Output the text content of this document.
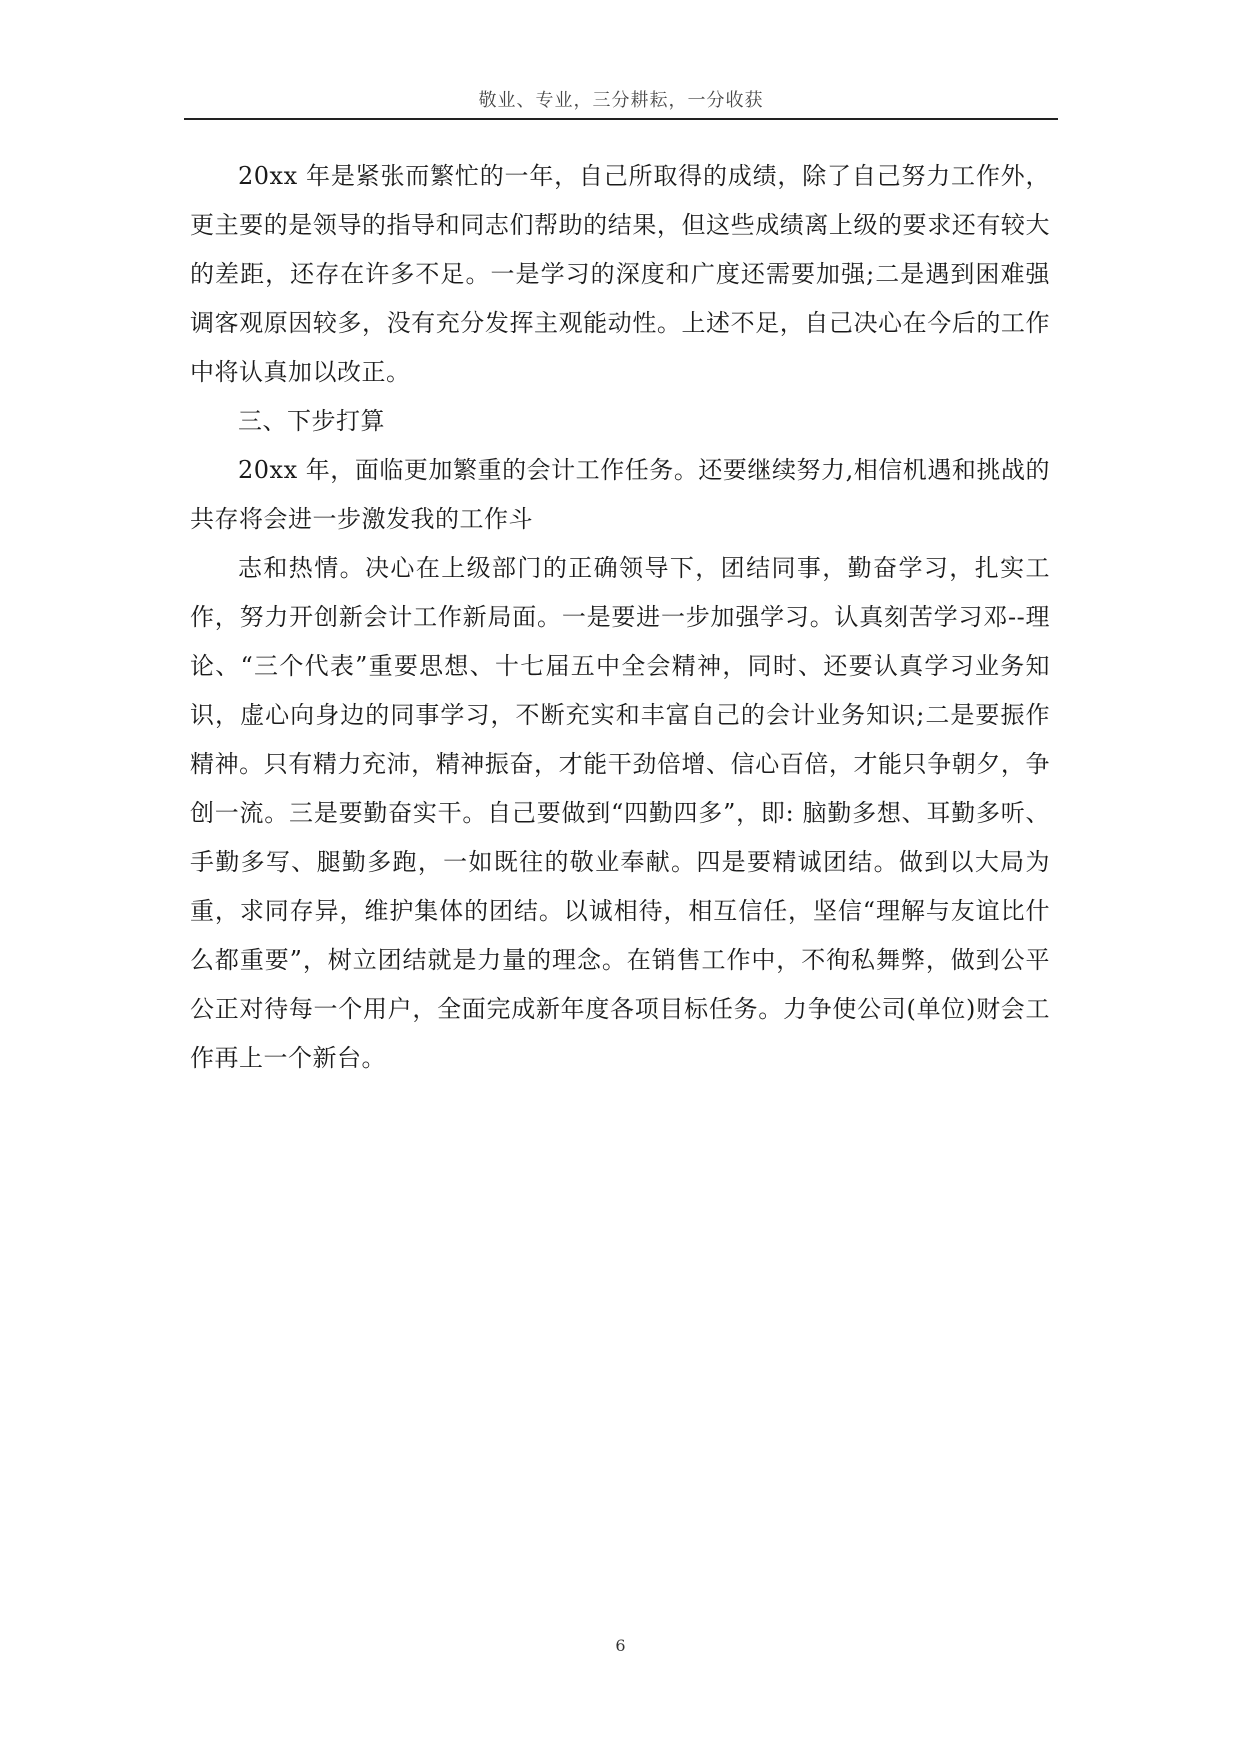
敬业、专业，三分耕耘，一分收获

20xx 年是紧张而繁忙的一年，自己所取得的成绩，除了自己努力工作外，更主要的是领导的指导和同志们帮助的结果，但这些成绩离上级的要求还有较大的差距，还存在许多不足。一是学习的深度和广度还需要加强;二是遇到困难强调客观原因较多，没有充分发挥主观能动性。上述不足，自己决心在今后的工作中将认真加以改正。

三、下步打算

20xx 年，面临更加繁重的会计工作任务。还要继续努力,相信机遇和挑战的共存将会进一步激发我的工作斗

志和热情。决心在上级部门的正确领导下，团结同事，勤奋学习，扎实工作，努力开创新会计工作新局面。一是要进一步加强学习。认真刻苦学习邓--理论、“三个代表”重要思想、十七届五中全会精神，同时、还要认真学习业务知识，虚心向身边的同事学习，不断充实和丰富自己的会计业务知识;二是要振作精神。只有精力充沛，精神振奋，才能干劲倍增、信心百倍，才能只争朝夕，争创一流。三是要勤奋实干。自己要做到“四勤四多”，即: 脑勤多想、耳勤多听、手勤多写、腿勤多跑，一如既往的敬业奉献。四是要精诚团结。做到以大局为重，求同存异，维护集体的团结。以诚相待，相互信任，坚信“理解与友谊比什么都重要”，树立团结就是力量的理念。在销售工作中，不徇私舞弊，做到公平公正对待每一个用户，全面完成新年度各项目标任务。力争使公司(单位)财会工作再上一个新台。

6
